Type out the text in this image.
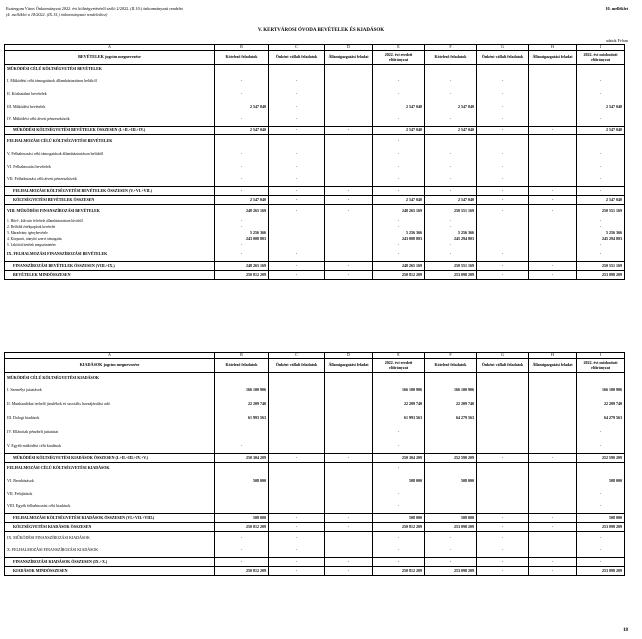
Esztergom Város Önkormányzat 2022. évi költségvetéséről szóló 2/2022. (II.10.) önkormányzati rendelet
(4. melléklet a 18/2022. (IX.15.) önkormányzati rendelethez)
10. melléklet
V. KERTVÁROSI ÓVODA BEVÉTELEK ÉS KIADÁSOK
adatok Ft-ban
A	B	C	D	E	F	G	H	I
BEVÉTELEK jogcím megnevezése	Kötelező feladatok	Önként vállalt feladatok	Államigazgatási feladat	2022. évi eredeti előirányzat	Kötelező feladatok	Önként vállalt feladatok	Államigazgatási feladat	2022. évi módosított előirányzat
MŰKÖDÉSI CÉLÚ KÖLTSÉGVETÉSI BEVÉTELEK								
I. Működési célú támogatások államháztartáson belülről	-	-		-	-	-		-
II. Közhatalmi bevételek	-	-		-	-	-		-
III. Működési bevételek	2 547 040	-		2 547 040	2 547 040	-		2 547 040
IV. Működési célú átvett pénzeszközök	-	-		-	-	-		-
MŰKÖDÉSI KÖLTSÉGVETÉSI BEVÉTELEK ÖSSZESEN (I.+II.+III.+IV.)	2 547 040	-	-	2 547 040	2 547 040	-	-	2 547 040
FELHALMOZÁSI CÉLÚ KÖLTSÉGVETÉSI BEVÉTELEK				-				
V. Felhalmozási célú támogatások államháztartáson belülről	-	-		-	-	-		-
VI. Felhalmozási bevételek	-	-		-	-	-		-
VII. Felhalmozási célú átvett pénzeszközök	-	-		-	-	-		-
FELHALMOZÁSI KÖLTSÉGVETÉSI BEVÉTELEK ÖSSZESEN (V.+VI.+VII.)	-	-	-	-	-	-	-	-
KÖLTSÉGVETÉSI BEVÉTELEK ÖSSZESEN	2 547 040	-	-	2 547 040	2 547 040	-	-	2 547 040
VIII. MŰKÖDÉSI FINANSZÍROZÁSI BEVÉTELEK	248 265 169	-	-	248 265 169	250 551 169	-	-	250 551 169
1. Hitel-, kölcsön felvétele államháztartáson kívülről	-			-	-			-
2. Belföldi értékpapírok bevételei	-			-	-			-
3. Maradvány igénybevétele	5 256 366			5 256 366	5 256 366			5 256 366
4. Központi, irányító szervi támogatás	243 008 803			243 008 803	245 294 803			245 294 803
5. Lekötött betétek megszüntetése	-			-	-			-
IX. FELHALMOZÁSI FINANSZÍROZÁSI BEVÉTELEK	-	-		-	-	-		-
FINANSZÍROZÁSI BEVÉTELEK ÖSSZESEN (VIII.+IX.)	248 265 169	-	-	248 265 169	250 551 169	-	-	250 551 169
BEVÉTELEK MINDÖSSZESEN	250 812 209	-	-	250 812 209	253 098 209	-	-	253 098 209
A	B	C	D	E	F	G	H	I
KIADÁSOK jogcím megnevezése	Kötelező feladatok	Önként vállalt feladatok	Államigazgatási feladat	2022. évi eredeti előirányzat	Kötelező feladatok	Önként vállalt feladatok	Államigazgatási feladat	2022. évi módosított előirányzat
MŰKÖDÉSI CÉLÚ KÖLTSÉGVETÉSI KIADÁSOK								
I. Személyi juttatások	166 100 906			166 100 906	166 100 906			166 100 906
II. Munkaadókat terhelő járulékok és szociális hozzájárulási adó	22 209 740			22 209 740	22 209 740			22 209 740
III. Dologi kiadások	61 993 563			61 993 563	64 279 563			64 279 563
IV. Ellátottak pénzbeli juttatásai				-				-
V. Egyéb működési célú kiadások	-			-				-
MŰKÖDÉSI KÖLTSÉGVETÉSI KIADÁSOK ÖSSZESEN (I.+II.+III.+IV.+V.)	250 304 209	-	-	250 304 209	252 590 209	-	-	252 590 209
FELHALMOZÁSI CÉLÚ KÖLTSÉGVETÉSI KIADÁSOK				-				
VI. Beruházások	508 000			508 000	508 000			508 000
VII. Felújítások				-				-
VIII. Egyéb felhalmozási célú kiadások				-				-
FELHALMOZÁSI KÖLTSÉGVETÉSI KIADÁSOK ÖSSZESEN (VI.+VII.+VIII.)	508 000	-	-	508 000	508 000	-	-	508 000
KÖLTSÉGVETÉSI KIADÁSOK ÖSSZESEN	250 812 209	-	-	250 812 209	253 098 209	-	-	253 098 209
IX. MŰKÖDÉSI FINANSZÍROZÁSI KIADÁSOK	-	-		-	-	-		-
X. FELHALMOZÁSI FINANSZÍROZÁSI KIADÁSOK	-	-		-	-	-		-
FINANSZÍROZÁSI KIADÁSOK ÖSSZESEN (IX.+X.)	-	-	-	-	-	-	-	-
KIADÁSOK MINDÖSSZESEN	250 812 209	-	-	250 812 209	253 098 209	-	-	253 098 209
18
